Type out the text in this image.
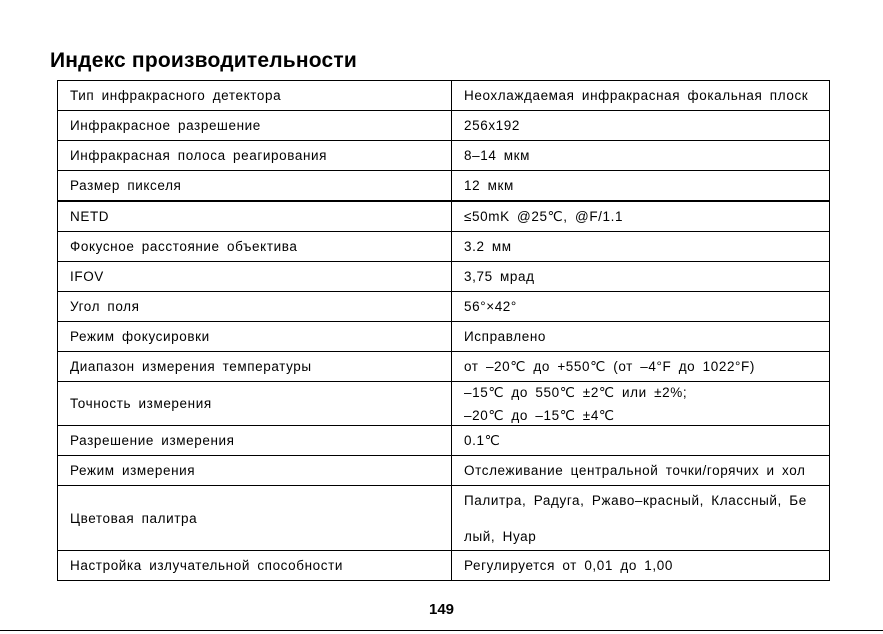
Индекс производительности
Тип инфракрасного детектора	Неохлаждаемая инфракрасная фокальная плоск

Инфракрасное разрешение	256x192

Инфракрасная полоса реагирования	8–14 мкм

Размер пикселя	12 мкм

NETD	≤50mK @25℃, @F/1.1

Фокусное расстояние объектива	3.2 мм

IFOV	3,75 мрад

Угол поля	56°×42°

Режим фокусировки	Исправлено

Диапазон измерения температуры	от –20℃ до +550℃ (от –4°F до 1022°F)

Точность измерения	–15℃ до 550℃ ±2℃ или ±2%;
–20℃ до –15℃ ±4℃

Разрешение измерения	0.1℃

Режим измерения	Отслеживание центральной точки/горячих и хол

Цветовая палитра	Палитра, Радуга, Ржаво–красный, Классный, Бе
лый, Нуар

Настройка излучательной способности	Регулируется от 0,01 до 1,00
149
